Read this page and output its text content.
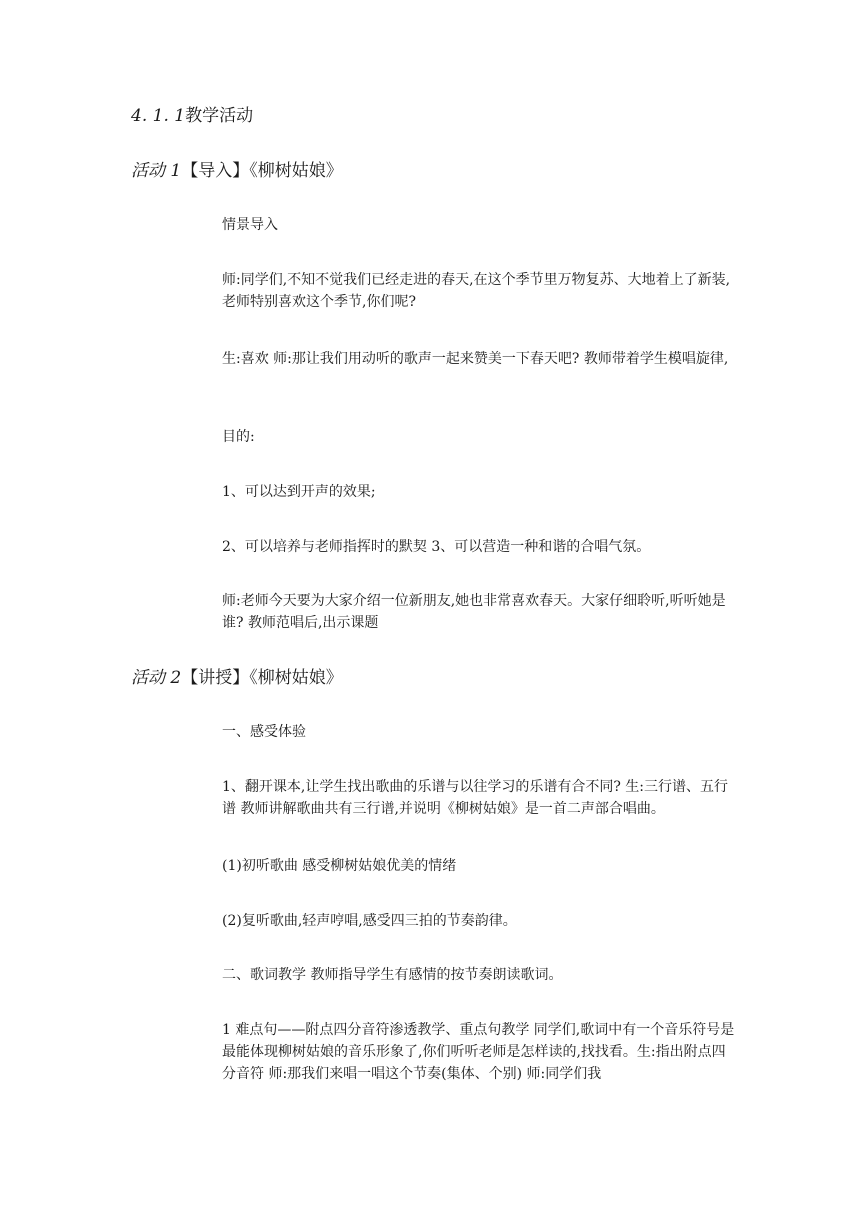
4. 1. 1教学活动
活动 1【导入】《柳树姑娘》
情景导入
师:同学们,不知不觉我们已经走进的春天,在这个季节里万物复苏、大地着上了新装,老师特别喜欢这个季节,你们呢?
生:喜欢 师:那让我们用动听的歌声一起来赞美一下春天吧? 教师带着学生模唱旋律,
目的:
1、可以达到开声的效果;
2、可以培养与老师指挥时的默契 3、可以营造一种和谐的合唱气氛。
师:老师今天要为大家介绍一位新朋友,她也非常喜欢春天。大家仔细聆听,听听她是谁? 教师范唱后,出示课题
活动 2【讲授】《柳树姑娘》
一、感受体验
1、翻开课本,让学生找出歌曲的乐谱与以往学习的乐谱有合不同? 生:三行谱、五行谱 教师讲解歌曲共有三行谱,并说明《柳树姑娘》是一首二声部合唱曲。
(1)初听歌曲 感受柳树姑娘优美的情绪
(2)复听歌曲,轻声哼唱,感受四三拍的节奏韵律。
二、歌词教学 教师指导学生有感情的按节奏朗读歌词。
1 难点句——附点四分音符渗透教学、重点句教学 同学们,歌词中有一个音乐符号是最能体现柳树姑娘的音乐形象了,你们听听老师是怎样读的,找找看。生:指出附点四分音符 师:那我们来唱一唱这个节奏(集体、个别) 师:同学们我
